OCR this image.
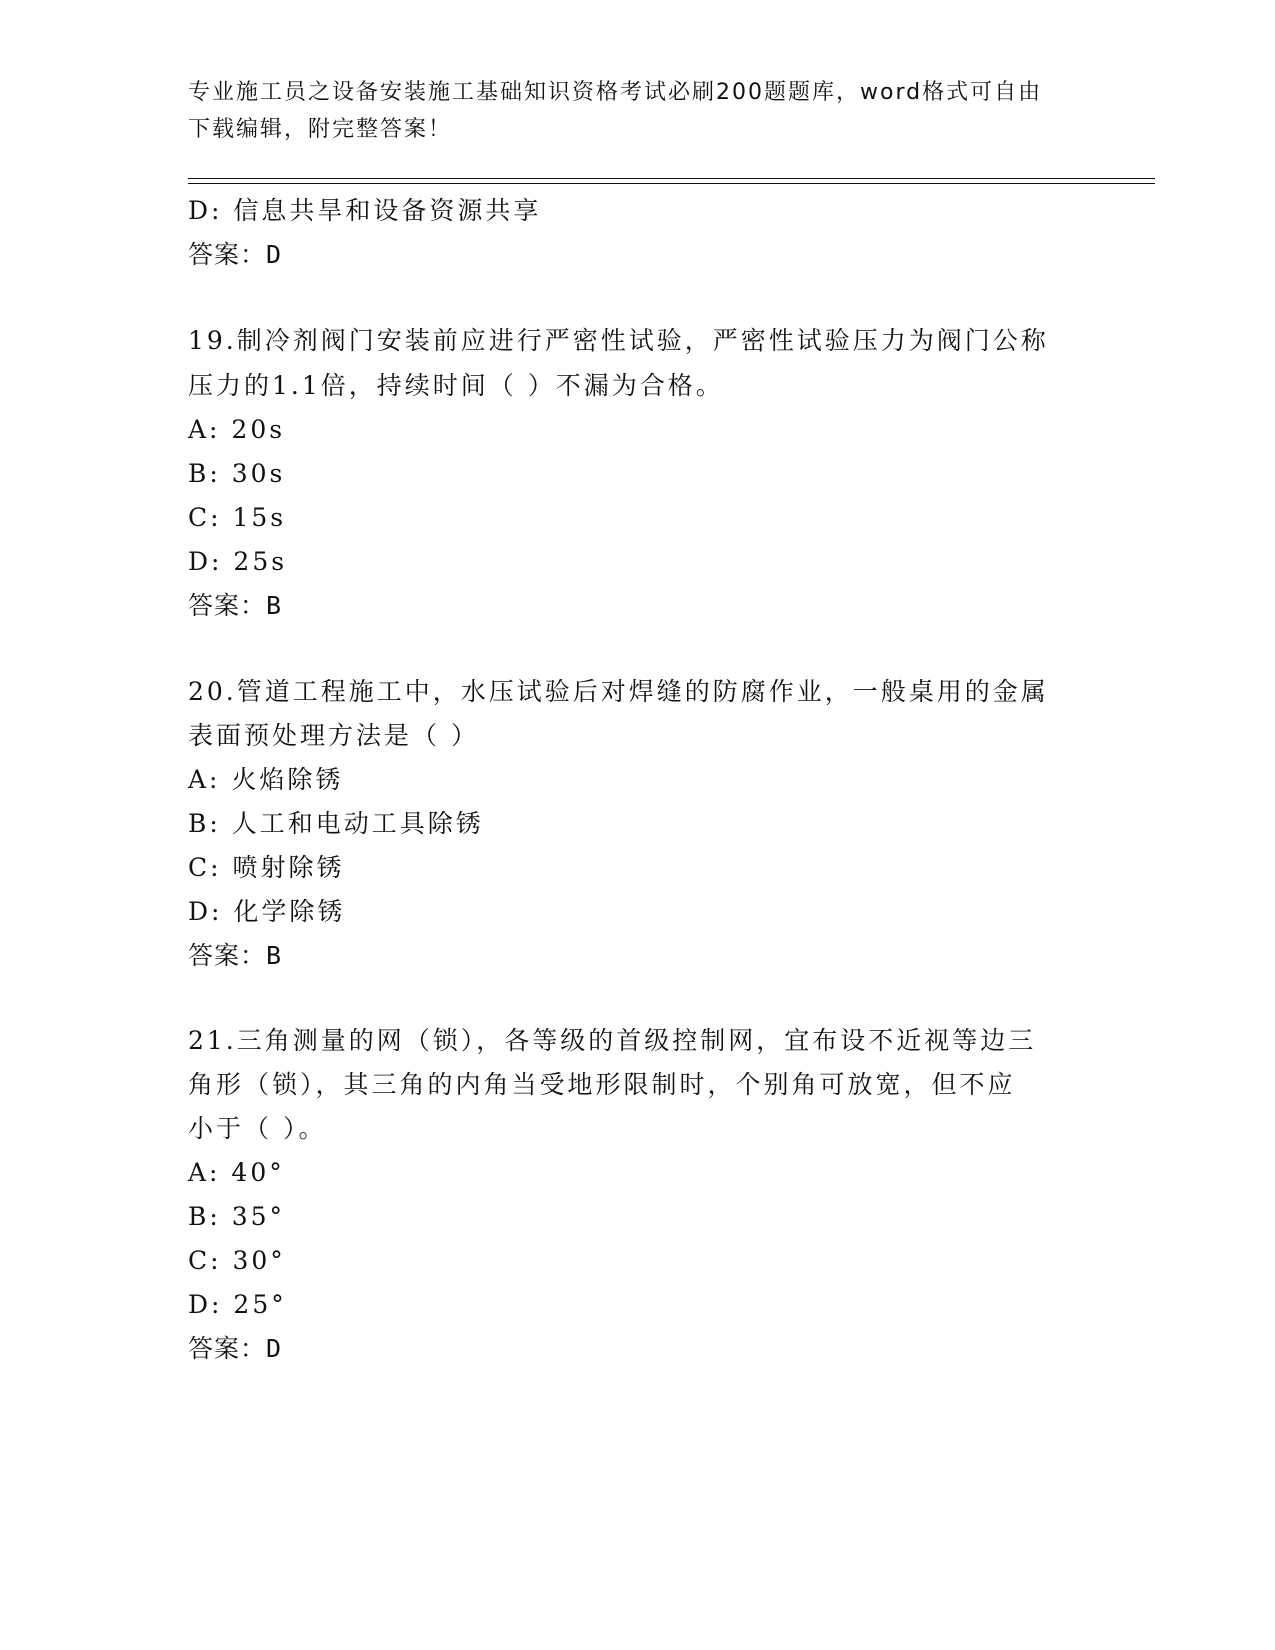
专业施工员之设备安装施工基础知识资格考试必刷200题题库，word格式可自由
下载编辑，附完整答案！
D: 信息共旱和设备资源共享
答案：D
19.制冷剂阀门安装前应进行严密性试验，严密性试验压力为阀门公称
压力的1.1倍，持续时间（ ）不漏为合格。
A: 20s
B: 30s
C: 15s
D: 25s
答案：B
20.管道工程施工中，水压试验后对焊缝的防腐作业，一般桌用的金属
表面预处理方法是（ ）
A: 火焰除锈
B: 人工和电动工具除锈
C: 喷射除锈
D: 化学除锈
答案：B
21.三角测量的网（锁），各等级的首级控制网，宜布设不近视等边三
角形（锁），其三角的内角当受地形限制时，个别角可放宽，但不应
小于（ ）。
A: 40°
B: 35°
C: 30°
D: 25°
答案：D
